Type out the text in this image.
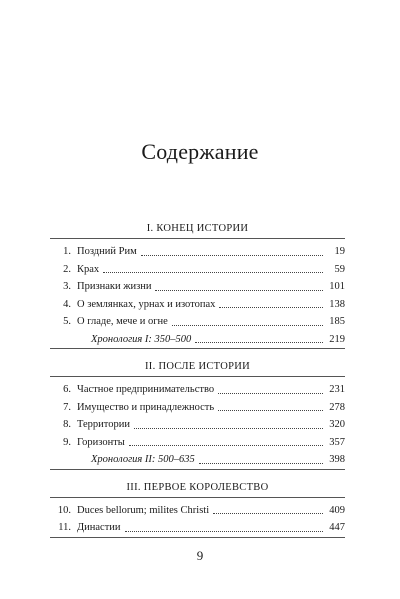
Содержание
I. КОНЕЦ ИСТОРИИ
1. Поздний Рим	19
2. Крах	59
3. Признаки жизни	101
4. О землянках, урнах и изотопах	138
5. О гладе, мече и огне	185
Хронология I: 350–500	219
II. ПОСЛЕ ИСТОРИИ
6. Частное предпринимательство	231
7. Имущество и принадлежность	278
8. Территории	320
9. Горизонты	357
Хронология II: 500–635	398
III. ПЕРВОЕ КОРОЛЕВСТВО
10. Duces bellorum; milites Christi	409
11. Династии	447
9
